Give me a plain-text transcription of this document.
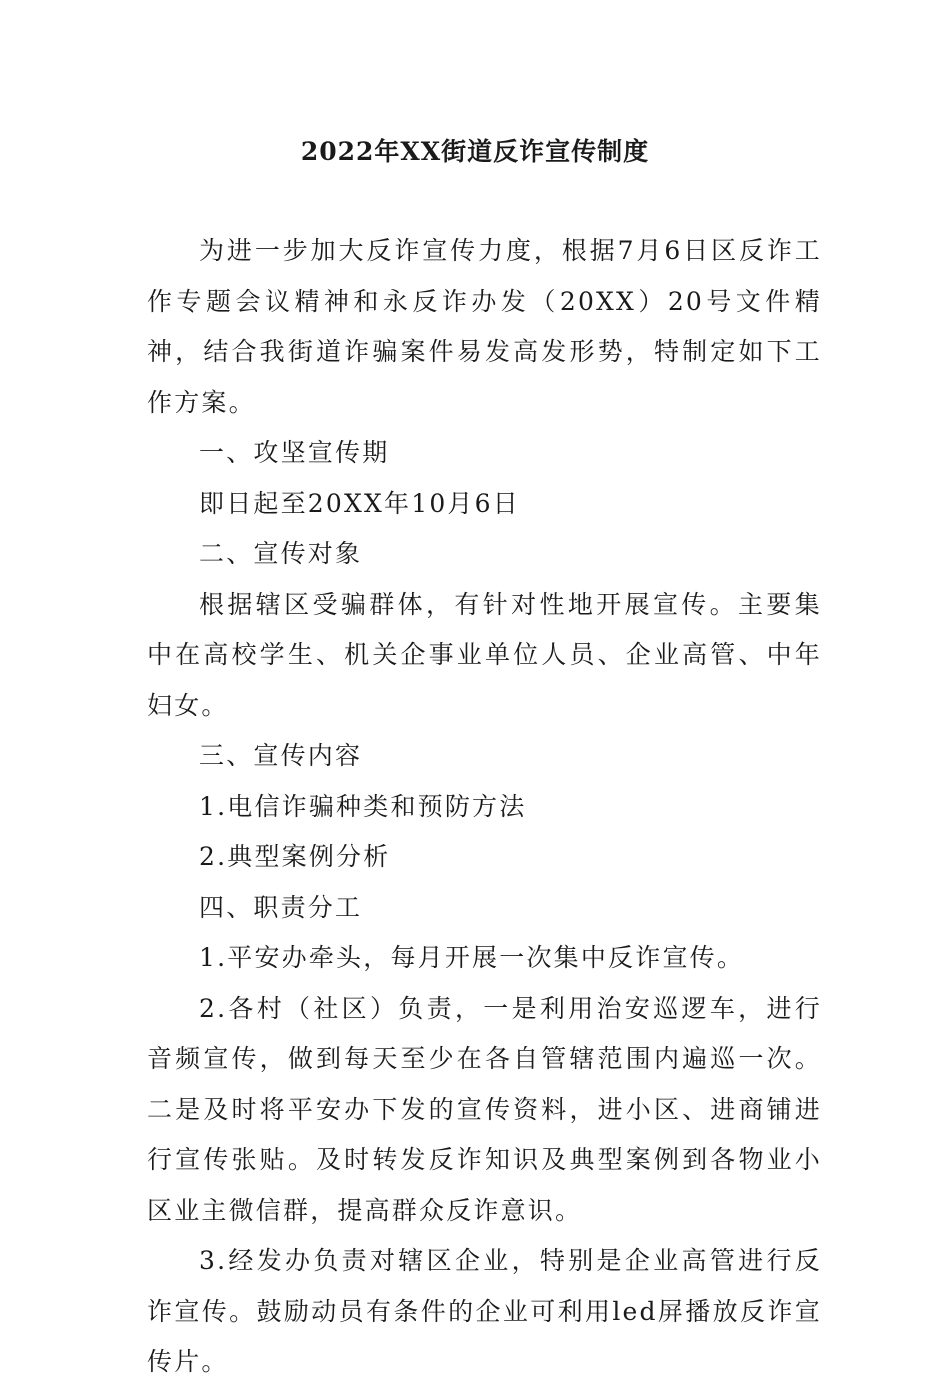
2022年XX街道反诈宣传制度

为进一步加大反诈宣传力度，根据7月6日区反诈工作专题会议精神和永反诈办发（20XX）20号文件精神，结合我街道诈骗案件易发高发形势，特制定如下工作方案。

一、攻坚宣传期

即日起至20XX年10月6日

二、宣传对象

根据辖区受骗群体，有针对性地开展宣传。主要集中在高校学生、机关企事业单位人员、企业高管、中年妇女。

三、宣传内容

1.电信诈骗种类和预防方法

2.典型案例分析

四、职责分工

1.平安办牵头，每月开展一次集中反诈宣传。

2.各村（社区）负责，一是利用治安巡逻车，进行音频宣传，做到每天至少在各自管辖范围内遍巡一次。二是及时将平安办下发的宣传资料，进小区、进商铺进行宣传张贴。及时转发反诈知识及典型案例到各物业小区业主微信群，提高群众反诈意识。

3.经发办负责对辖区企业，特别是企业高管进行反诈宣传。鼓励动员有条件的企业可利用led屏播放反诈宣传片。
